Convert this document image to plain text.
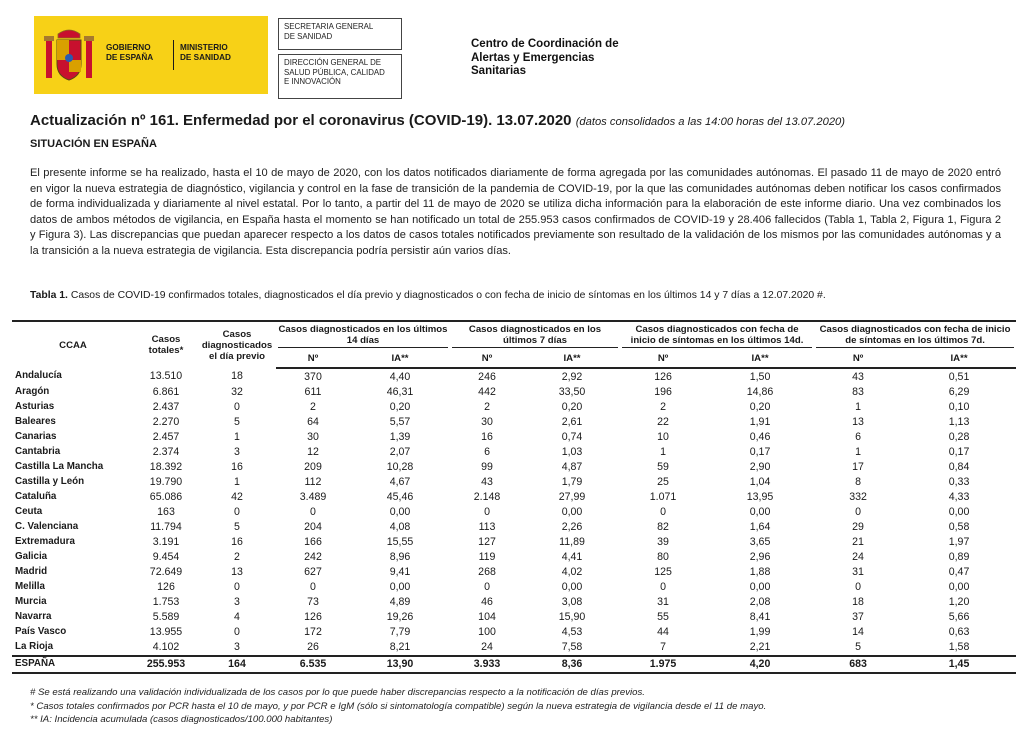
GOBIERNO
DE ESPAÑA
MINISTERIO
DE SANIDAD
SECRETARIA GENERAL
DE SANIDAD
DIRECCIÓN GENERAL DE
SALUD PÚBLICA, CALIDAD
E INNOVACIÓN
Centro de Coordinación de
Alertas y Emergencias
Sanitarias
Actualización nº 161. Enfermedad por el coronavirus (COVID-19). 13.07.2020 (datos consolidados a las 14:00 horas del 13.07.2020)
SITUACIÓN EN ESPAÑA
El presente informe se ha realizado, hasta el 10 de mayo de 2020, con los datos notificados diariamente de forma agregada por las comunidades autónomas. El pasado 11 de mayo de 2020 entró en vigor la nueva estrategia de diagnóstico, vigilancia y control en la fase de transición de la pandemia de COVID-19, por la que las comunidades autónomas deben notificar los casos confirmados de forma individualizada y diariamente al nivel estatal. Por lo tanto, a partir del 11 de mayo de 2020 se utiliza dicha información para la elaboración de este informe diario. Una vez combinados los datos de ambos métodos de vigilancia, en España hasta el momento se han notificado un total de 255.953 casos confirmados de COVID-19 y 28.406 fallecidos (Tabla 1, Tabla 2, Figura 1, Figura 2 y Figura 3). Las discrepancias que puedan aparecer respecto a los datos de casos totales notificados previamente son resultado de la validación de los mismos por las comunidades autónomas y a la transición a la nueva estrategia de vigilancia. Esta discrepancia podría persistir aún varios días.
Tabla 1. Casos de COVID-19 confirmados totales, diagnosticados el día previo y diagnosticados o con fecha de inicio de síntomas en los últimos 14 y 7 días a 12.07.2020 #.
CCAA	Casos totales*	Casos diagnosticados el día previo	Casos diagnosticados en los últimos 14 días		Casos diagnosticados en los últimos 7 días		Casos diagnosticados con fecha de inicio de síntomas en los últimos 14d.		Casos diagnosticados con fecha de inicio de síntomas en los últimos 7d.	
			Nº	IA**	Nº	IA**	Nº	IA**	Nº	IA**
Andalucía	13.510	18	370	4,40	246	2,92	126	1,50	43	0,51
Aragón	6.861	32	611	46,31	442	33,50	196	14,86	83	6,29
Asturias	2.437	0	2	0,20	2	0,20	2	0,20	1	0,10
Baleares	2.270	5	64	5,57	30	2,61	22	1,91	13	1,13
Canarias	2.457	1	30	1,39	16	0,74	10	0,46	6	0,28
Cantabria	2.374	3	12	2,07	6	1,03	1	0,17	1	0,17
Castilla La Mancha	18.392	16	209	10,28	99	4,87	59	2,90	17	0,84
Castilla y León	19.790	1	112	4,67	43	1,79	25	1,04	8	0,33
Cataluña	65.086	42	3.489	45,46	2.148	27,99	1.071	13,95	332	4,33
Ceuta	163	0	0	0,00	0	0,00	0	0,00	0	0,00
C. Valenciana	11.794	5	204	4,08	113	2,26	82	1,64	29	0,58
Extremadura	3.191	16	166	15,55	127	11,89	39	3,65	21	1,97
Galicia	9.454	2	242	8,96	119	4,41	80	2,96	24	0,89
Madrid	72.649	13	627	9,41	268	4,02	125	1,88	31	0,47
Melilla	126	0	0	0,00	0	0,00	0	0,00	0	0,00
Murcia	1.753	3	73	4,89	46	3,08	31	2,08	18	1,20
Navarra	5.589	4	126	19,26	104	15,90	55	8,41	37	5,66
País Vasco	13.955	0	172	7,79	100	4,53	44	1,99	14	0,63
La Rioja	4.102	3	26	8,21	24	7,58	7	2,21	5	1,58
ESPAÑA	255.953	164	6.535	13,90	3.933	8,36	1.975	4,20	683	1,45
# Se está realizando una validación individualizada de los casos por lo que puede haber discrepancias respecto a la notificación de días previos.
* Casos totales confirmados por PCR hasta el 10 de mayo, y por PCR e IgM (sólo si sintomatología compatible) según la nueva estrategia de vigilancia desde el 11 de mayo.
** IA: Incidencia acumulada (casos diagnosticados/100.000 habitantes)
